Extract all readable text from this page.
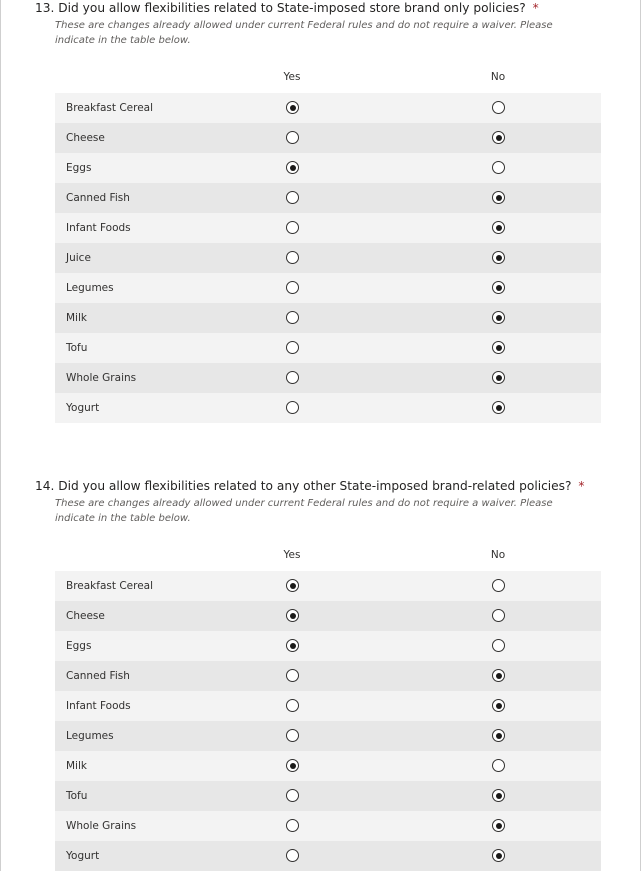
13. Did you allow flexibilities related to State-imposed store brand only policies? *
These are changes already allowed under current Federal rules and do not require a waiver. Please indicate in the table below.
Yes	No
Breakfast Cereal
Cheese
Eggs
Canned Fish
Infant Foods
Juice
Legumes
Milk
Tofu
Whole Grains
Yogurt
14. Did you allow flexibilities related to any other State-imposed brand-related policies? *
These are changes already allowed under current Federal rules and do not require a waiver. Please indicate in the table below.
Yes	No
Breakfast Cereal
Cheese
Eggs
Canned Fish
Infant Foods
Legumes
Milk
Tofu
Whole Grains
Yogurt
